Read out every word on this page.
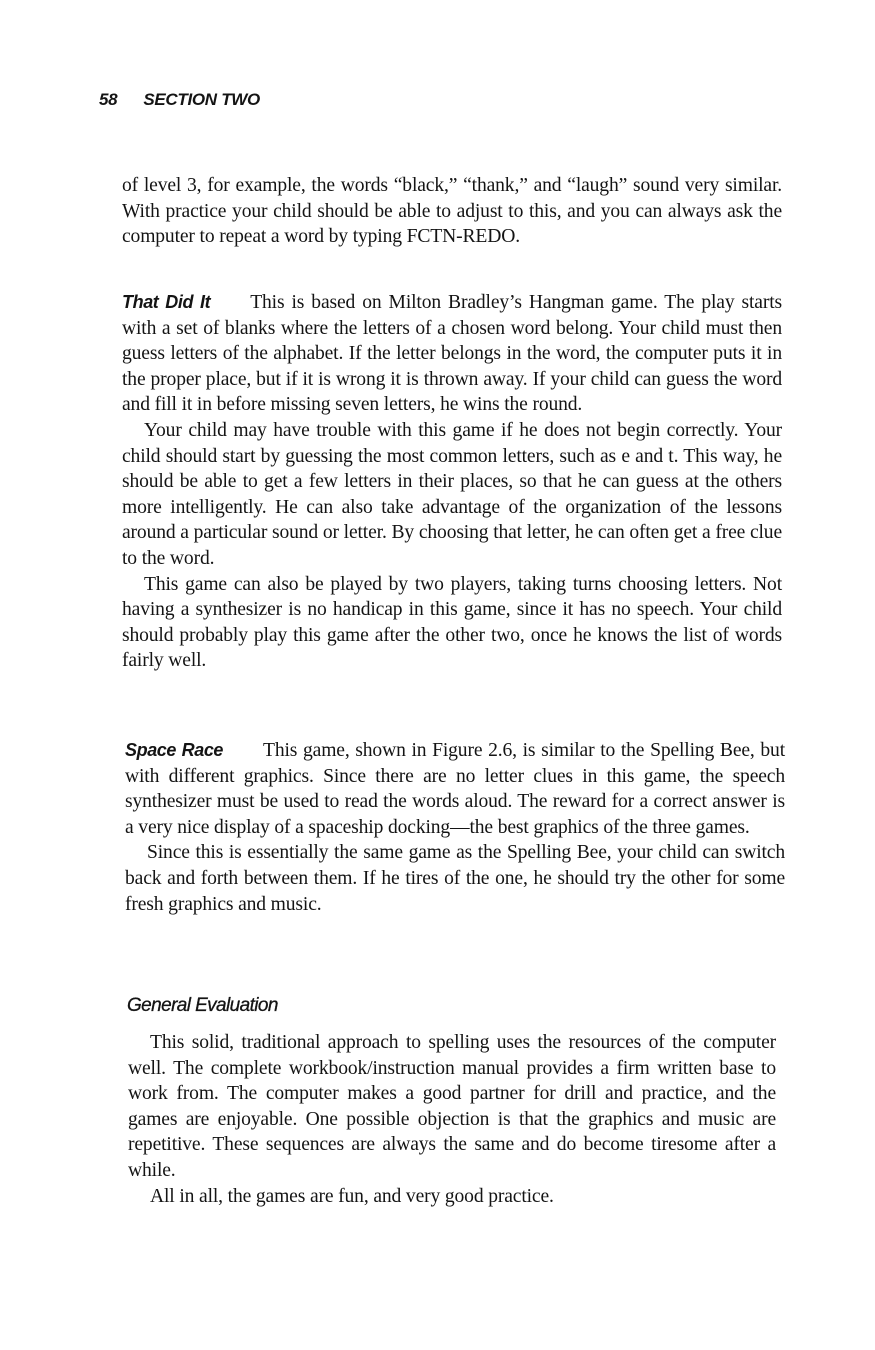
58 SECTION TWO

of level 3, for example, the words “black,” “thank,” and “laugh” sound very similar. With practice your child should be able to adjust to this, and you can always ask the computer to repeat a word by typing FCTN-REDO.

That Did It This is based on Milton Bradley’s Hangman game. The play starts with a set of blanks where the letters of a chosen word belong. Your child must then guess letters of the alphabet. If the letter belongs in the word, the computer puts it in the proper place, but if it is wrong it is thrown away. If your child can guess the word and fill it in before missing seven letters, he wins the round.

Your child may have trouble with this game if he does not begin correctly. Your child should start by guessing the most common letters, such as e and t. This way, he should be able to get a few letters in their places, so that he can guess at the others more intelligently. He can also take advantage of the organization of the lessons around a particular sound or letter. By choosing that letter, he can often get a free clue to the word.

This game can also be played by two players, taking turns choosing letters. Not having a synthesizer is no handicap in this game, since it has no speech. Your child should probably play this game after the other two, once he knows the list of words fairly well.

Space Race This game, shown in Figure 2.6, is similar to the Spelling Bee, but with different graphics. Since there are no letter clues in this game, the speech synthesizer must be used to read the words aloud. The reward for a correct answer is a very nice display of a spaceship docking—the best graphics of the three games.

Since this is essentially the same game as the Spelling Bee, your child can switch back and forth between them. If he tires of the one, he should try the other for some fresh graphics and music.

General Evaluation

This solid, traditional approach to spelling uses the resources of the computer well. The complete workbook/instruction manual provides a firm written base to work from. The computer makes a good partner for drill and practice, and the games are enjoyable. One possible objection is that the graphics and music are repetitive. These sequences are always the same and do become tiresome after a while.

All in all, the games are fun, and very good practice.
